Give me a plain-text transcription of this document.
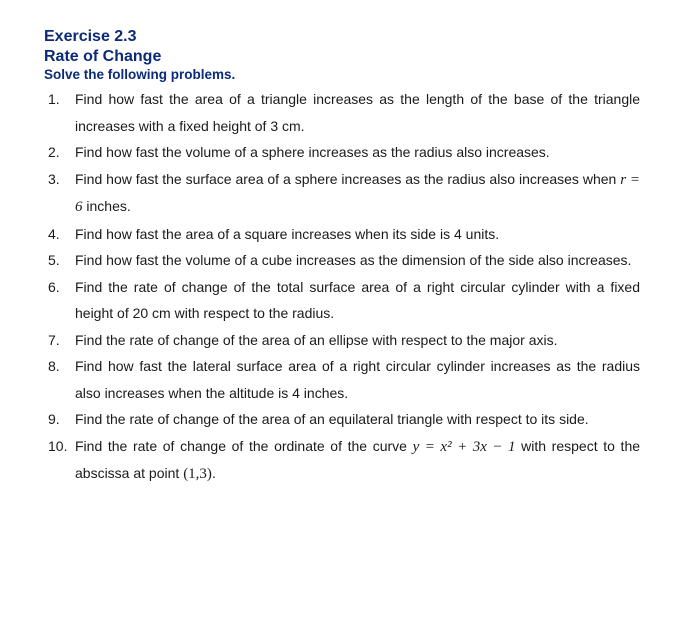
Exercise 2.3
Rate of Change
Solve the following problems.
1. Find how fast the area of a triangle increases as the length of the base of the triangle increases with a fixed height of 3 cm.
2. Find how fast the volume of a sphere increases as the radius also increases.
3. Find how fast the surface area of a sphere increases as the radius also increases when r = 6 inches.
4. Find how fast the area of a square increases when its side is 4 units.
5. Find how fast the volume of a cube increases as the dimension of the side also increases.
6. Find the rate of change of the total surface area of a right circular cylinder with a fixed height of 20 cm with respect to the radius.
7. Find the rate of change of the area of an ellipse with respect to the major axis.
8. Find how fast the lateral surface area of a right circular cylinder increases as the radius also increases when the altitude is 4 inches.
9. Find the rate of change of the area of an equilateral triangle with respect to its side.
10. Find the rate of change of the ordinate of the curve y = x² + 3x − 1 with respect to the abscissa at point (1,3).
